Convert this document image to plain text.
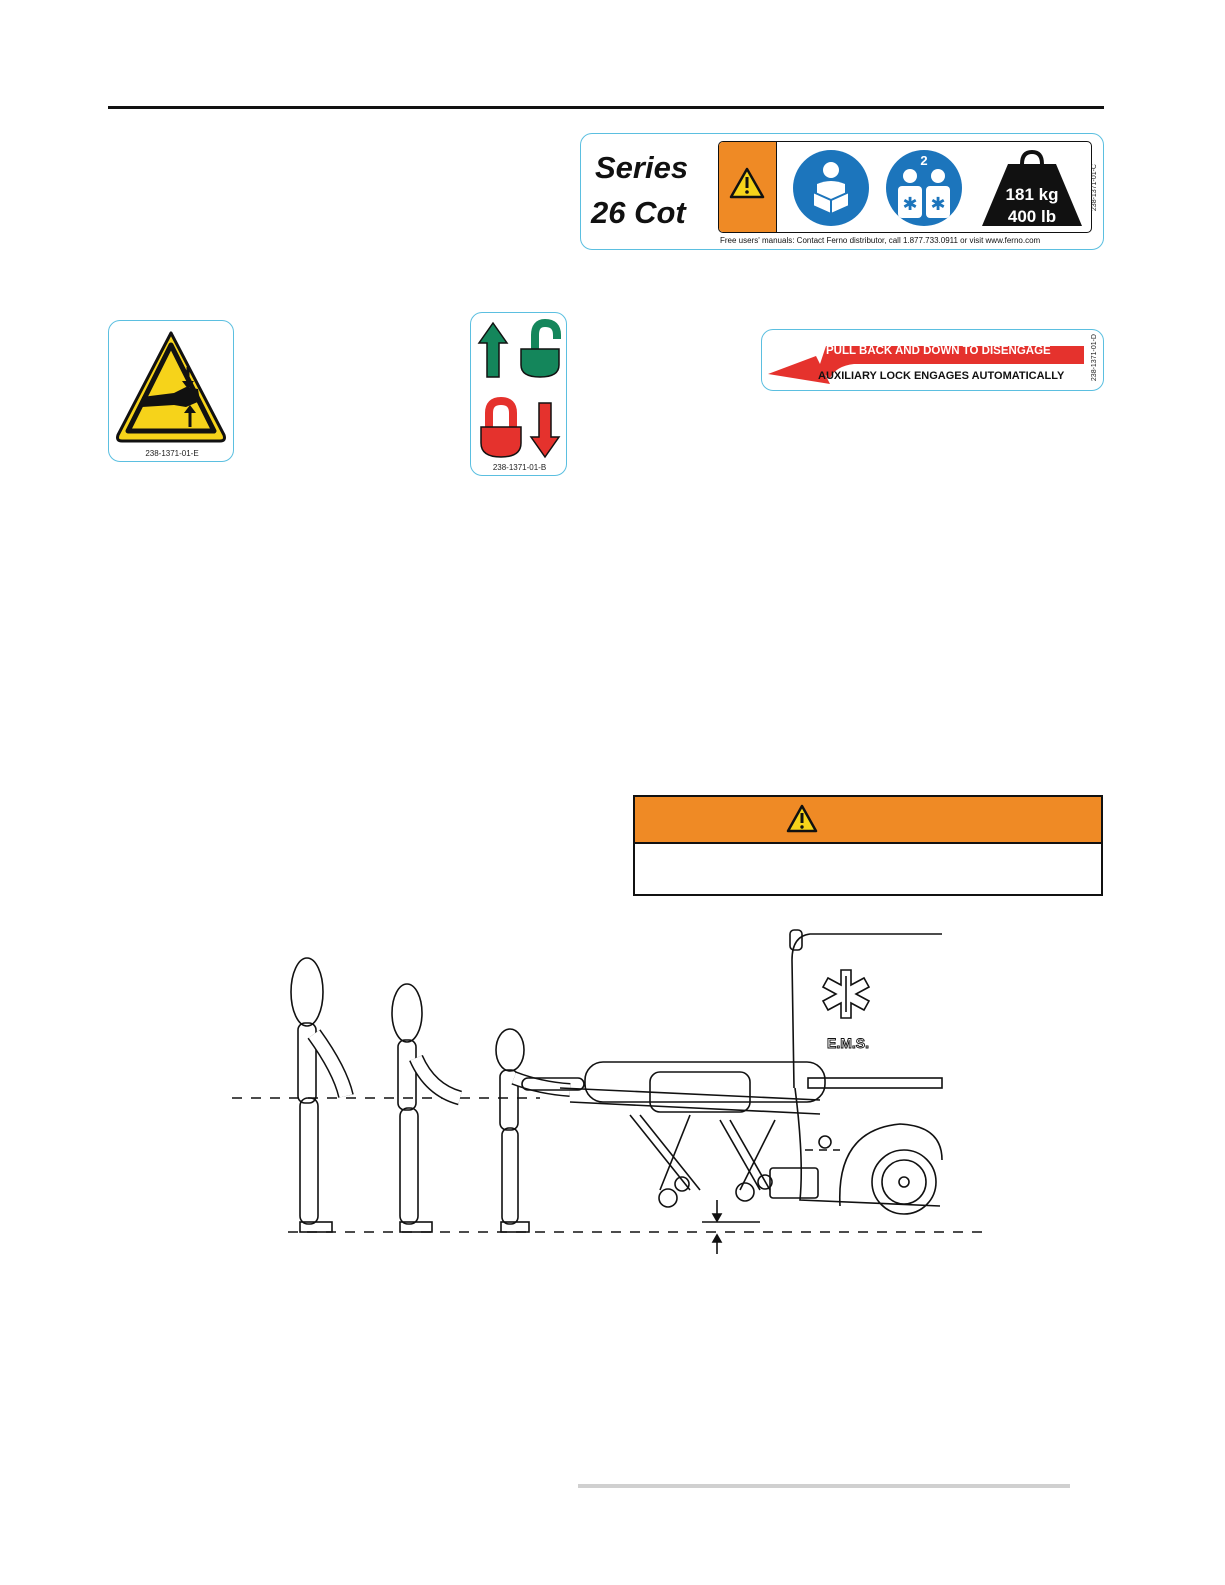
Series
26 Cot
2
✱ ✱	181 kg
400 lb
Free users' manuals: Contact Ferno distributor, call 1.877.733.0911 or visit www.ferno.com
238-1371-01-C
238-1371-01-E
238-1371-01-B
PULL BACK AND DOWN TO DISENGAGE
AUXILIARY LOCK ENGAGES AUTOMATICALLY	238-1371-01-D
E.M.S.
